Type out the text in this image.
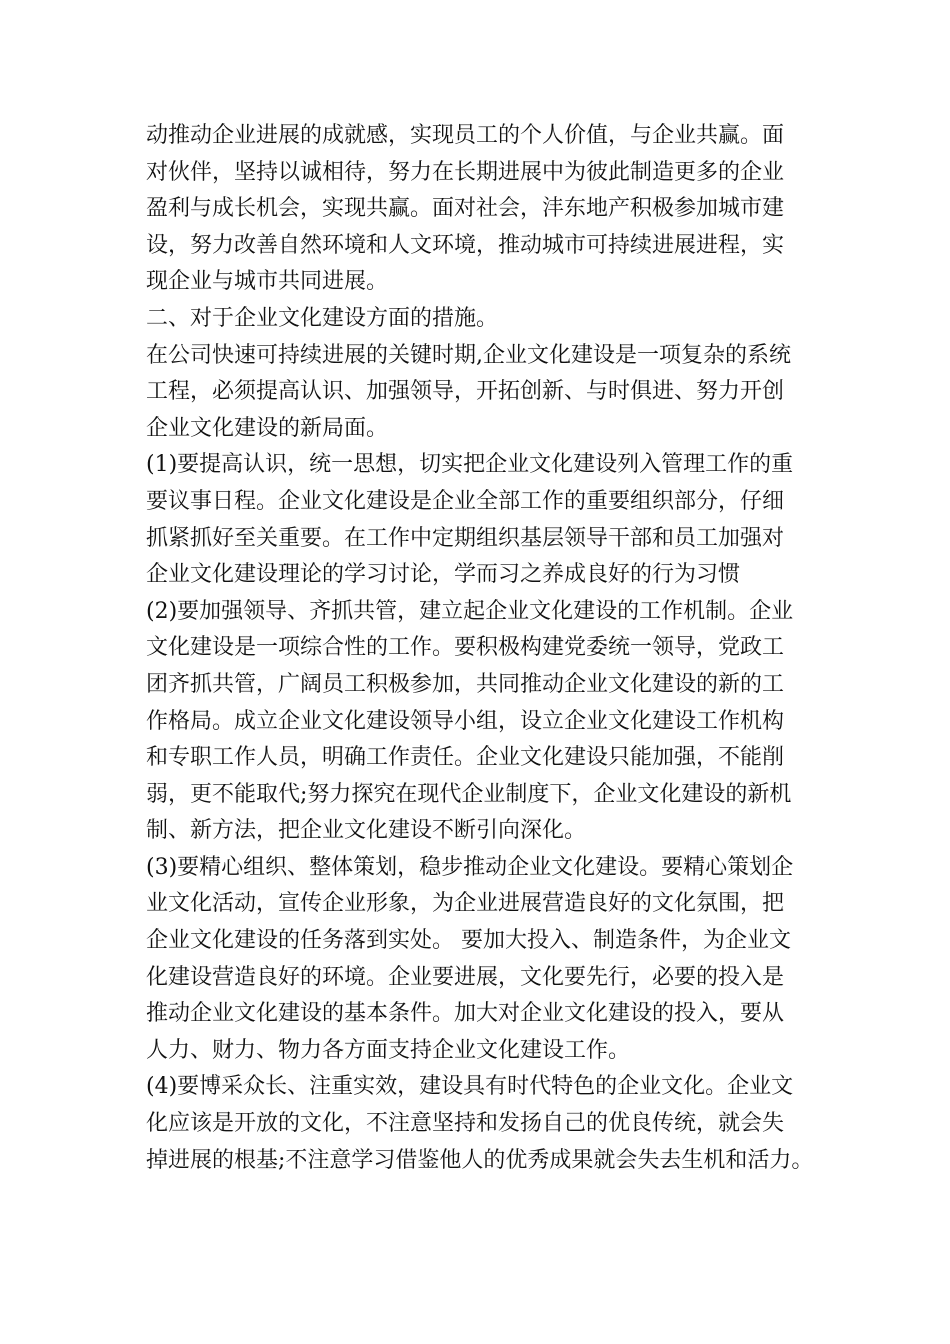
动推动企业进展的成就感，实现员工的个人价值，与企业共赢。面
对伙伴，坚持以诚相待，努力在长期进展中为彼此制造更多的企业
盈利与成长机会，实现共赢。面对社会，沣东地产积极参加城市建
设，努力改善自然环境和人文环境，推动城市可持续进展进程，实
现企业与城市共同进展。
二、对于企业文化建设方面的措施。
在公司快速可持续进展的关键时期,企业文化建设是一项复杂的系统
工程，必须提高认识、加强领导，开拓创新、与时俱进、努力开创
企业文化建设的新局面。
(1)要提高认识，统一思想，切实把企业文化建设列入管理工作的重
要议事日程。企业文化建设是企业全部工作的重要组织部分，仔细
抓紧抓好至关重要。在工作中定期组织基层领导干部和员工加强对
企业文化建设理论的学习讨论，学而习之养成良好的行为习惯
(2)要加强领导、齐抓共管，建立起企业文化建设的工作机制。企业
文化建设是一项综合性的工作。要积极构建党委统一领导，党政工
团齐抓共管，广阔员工积极参加，共同推动企业文化建设的新的工
作格局。成立企业文化建设领导小组，设立企业文化建设工作机构
和专职工作人员，明确工作责任。企业文化建设只能加强，不能削
弱，更不能取代;努力探究在现代企业制度下，企业文化建设的新机
制、新方法，把企业文化建设不断引向深化。
(3)要精心组织、整体策划，稳步推动企业文化建设。要精心策划企
业文化活动，宣传企业形象，为企业进展营造良好的文化氛围，把
企业文化建设的任务落到实处。 要加大投入、制造条件，为企业文
化建设营造良好的环境。企业要进展，文化要先行，必要的投入是
推动企业文化建设的基本条件。加大对企业文化建设的投入，要从
人力、财力、物力各方面支持企业文化建设工作。
(4)要博采众长、注重实效，建设具有时代特色的企业文化。企业文
化应该是开放的文化，不注意坚持和发扬自己的优良传统，就会失
掉进展的根基;不注意学习借鉴他人的优秀成果就会失去生机和活力。
